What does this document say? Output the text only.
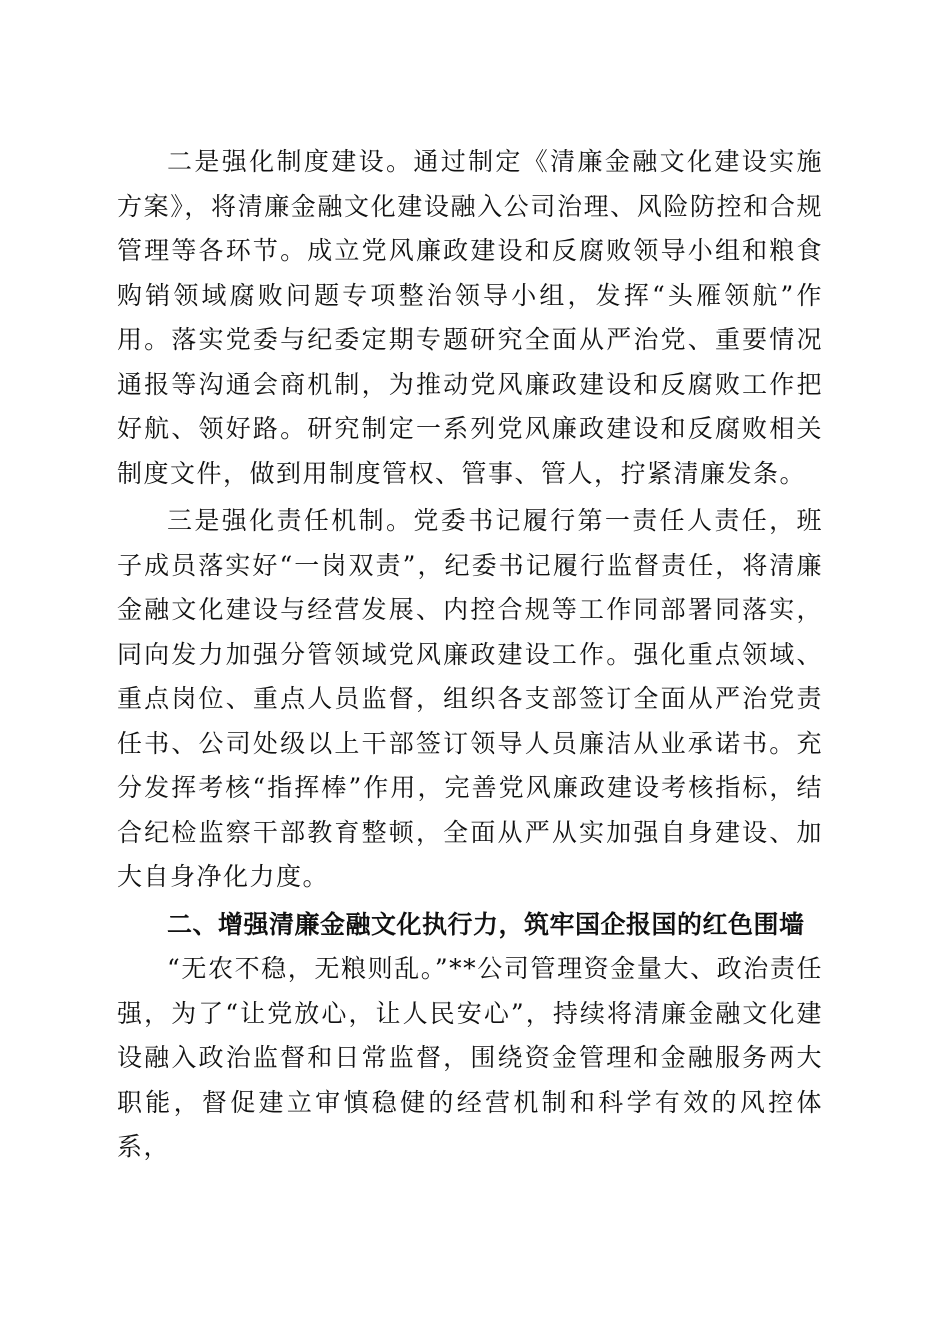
二是强化制度建设。通过制定《清廉金融文化建设实施方案》，将清廉金融文化建设融入公司治理、风险防控和合规管理等各环节。成立党风廉政建设和反腐败领导小组和粮食购销领域腐败问题专项整治领导小组，发挥“头雁领航”作用。落实党委与纪委定期专题研究全面从严治党、重要情况通报等沟通会商机制，为推动党风廉政建设和反腐败工作把好航、领好路。研究制定一系列党风廉政建设和反腐败相关制度文件，做到用制度管权、管事、管人，拧紧清廉发条。

三是强化责任机制。党委书记履行第一责任人责任，班子成员落实好“一岗双责”，纪委书记履行监督责任，将清廉金融文化建设与经营发展、内控合规等工作同部署同落实，同向发力加强分管领域党风廉政建设工作。强化重点领域、重点岗位、重点人员监督，组织各支部签订全面从严治党责任书、公司处级以上干部签订领导人员廉洁从业承诺书。充分发挥考核“指挥棒”作用，完善党风廉政建设考核指标，结合纪检监察干部教育整顿，全面从严从实加强自身建设、加大自身净化力度。

二、增强清廉金融文化执行力，筑牢国企报国的红色围墙

“无农不稳，无粮则乱。”**公司管理资金量大、政治责任强，为了“让党放心，让人民安心”，持续将清廉金融文化建设融入政治监督和日常监督，围绕资金管理和金融服务两大职能，督促建立审慎稳健的经营机制和科学有效的风控体系，
